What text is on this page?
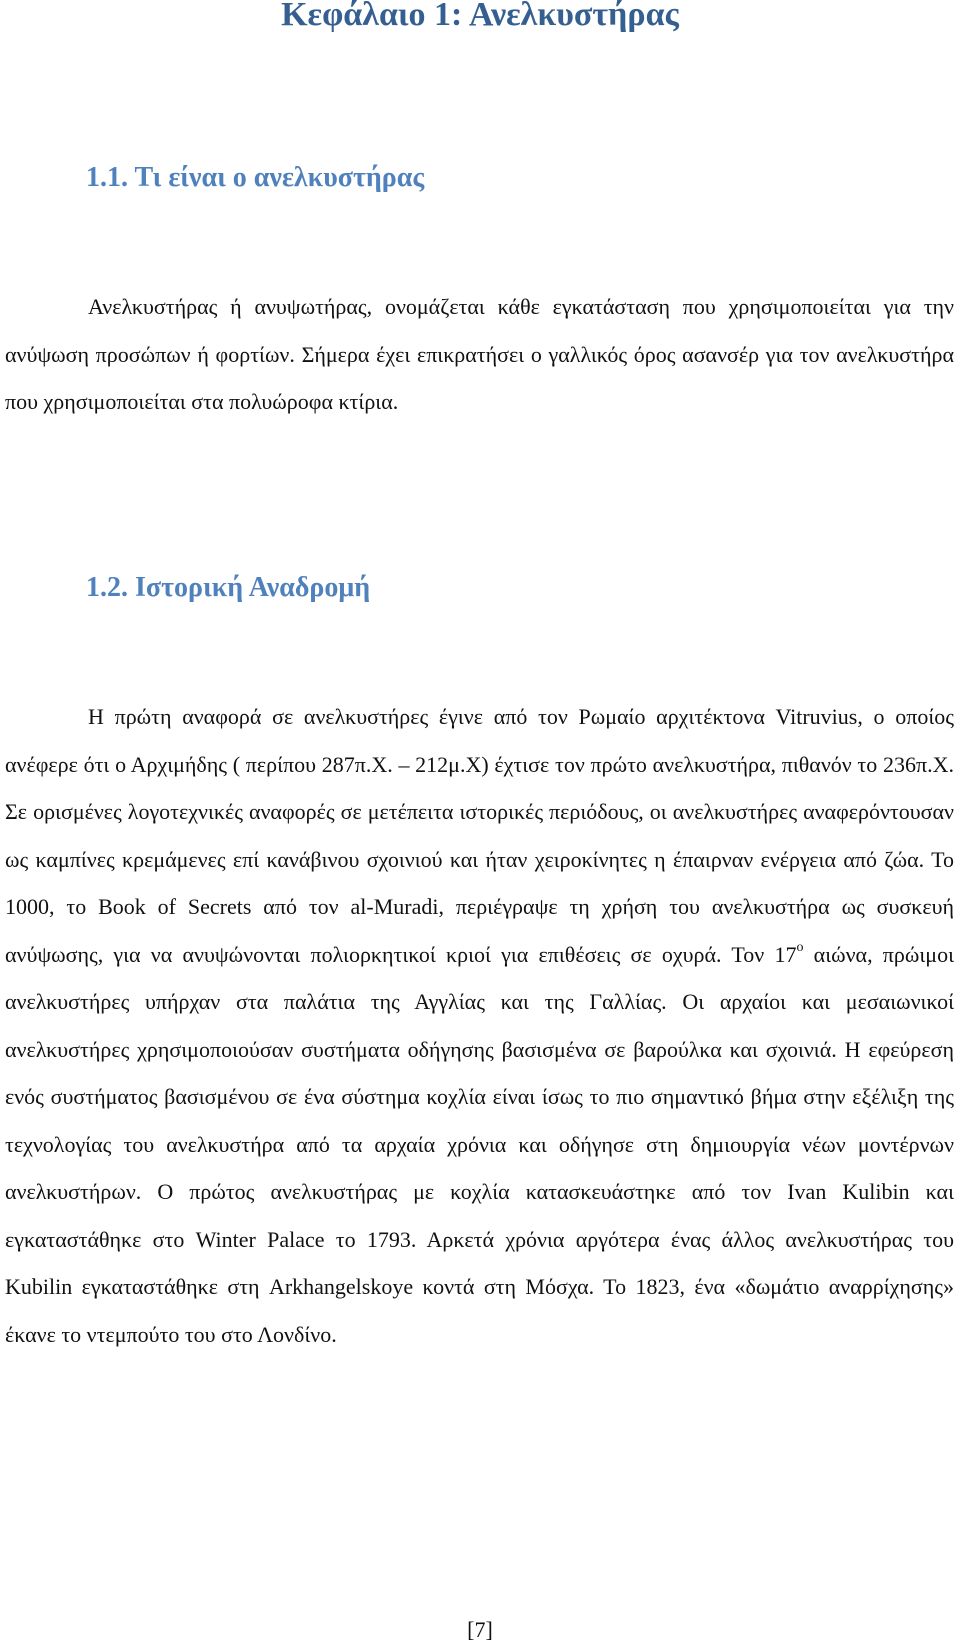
Κεφάλαιο 1: Ανελκυστήρας
1.1. Τι είναι ο ανελκυστήρας

Ανελκυστήρας ή ανυψωτήρας, ονομάζεται κάθε εγκατάσταση που χρησιμοποιείται για την ανύψωση προσώπων ή φορτίων. Σήμερα έχει επικρατήσει ο γαλλικός όρος ασανσέρ για τον ανελκυστήρα που χρησιμοποιείται στα πολυώροφα κτίρια.

1.2. Ιστορική Αναδρομή

Η πρώτη αναφορά σε ανελκυστήρες έγινε από τον Ρωμαίο αρχιτέκτονα Vitruvius, ο οποίος ανέφερε ότι ο Αρχιμήδης ( περίπου 287π.Χ. – 212μ.Χ) έχτισε τον πρώτο ανελκυστήρα, πιθανόν το 236π.Χ. Σε ορισμένες λογοτεχνικές αναφορές σε μετέπειτα ιστορικές περιόδους, οι ανελκυστήρες αναφερόντουσαν ως καμπίνες κρεμάμενες επί κανάβινου σχοινιού και ήταν χειροκίνητες η έπαιρναν ενέργεια από ζώα. Το 1000, το Book of Secrets από τον al-Muradi, περιέγραψε τη χρήση του ανελκυστήρα ως συσκευή ανύψωσης, για να ανυψώνονται πολιορκητικοί κριοί για επιθέσεις σε οχυρά. Τον $17^o$ αιώνα, πρώιμοι ανελκυστήρες υπήρχαν στα παλάτια της Αγγλίας και της Γαλλίας. Οι αρχαίοι και μεσαιωνικοί ανελκυστήρες χρησιμοποιούσαν συστήματα οδήγησης βασισμένα σε βαρούλκα και σχοινιά. Η εφεύρεση ενός συστήματος βασισμένου σε ένα σύστημα κοχλία είναι ίσως το πιο σημαντικό βήμα στην εξέλιξη της τεχνολογίας του ανελκυστήρα από τα αρχαία χρόνια και οδήγησε στη δημιουργία νέων μοντέρνων ανελκυστήρων. Ο πρώτος ανελκυστήρας με κοχλία κατασκευάστηκε από τον Ivan Kulibin και εγκαταστάθηκε στο Winter Palace το 1793. Αρκετά χρόνια αργότερα ένας άλλος ανελκυστήρας του Kubilin εγκαταστάθηκε στη Arkhangelskoye κοντά στη Μόσχα. Το 1823, ένα «δωμάτιο αναρρίχησης» έκανε το ντεμπούτο του στο Λονδίνο.

[7]
